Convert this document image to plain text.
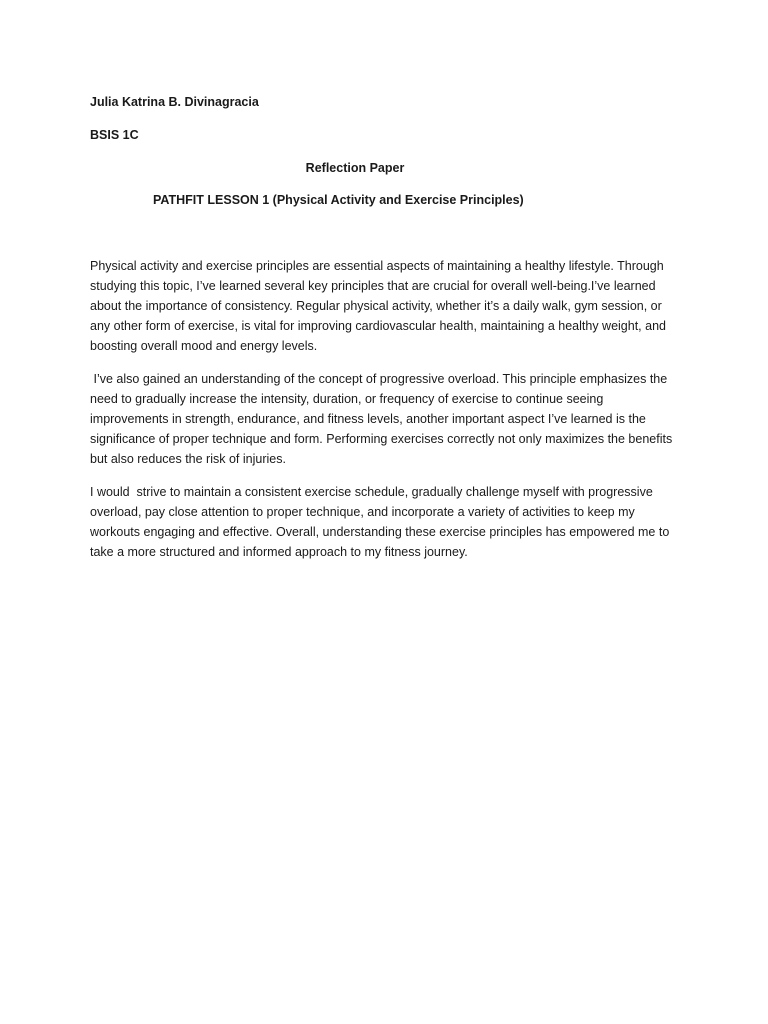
Julia Katrina B. Divinagracia
BSIS 1C
Reflection Paper
PATHFIT LESSON 1 (Physical Activity and Exercise Principles)

Physical activity and exercise principles are essential aspects of maintaining a healthy lifestyle. Through studying this topic, I’ve learned several key principles that are crucial for overall well-being.I’ve learned about the importance of consistency. Regular physical activity, whether it’s a daily walk, gym session, or any other form of exercise, is vital for improving cardiovascular health, maintaining a healthy weight, and boosting overall mood and energy levels.

I’ve also gained an understanding of the concept of progressive overload. This principle emphasizes the need to gradually increase the intensity, duration, or frequency of exercise to continue seeing improvements in strength, endurance, and fitness levels, another important aspect I’ve learned is the significance of proper technique and form. Performing exercises correctly not only maximizes the benefits but also reduces the risk of injuries.

I would  strive to maintain a consistent exercise schedule, gradually challenge myself with progressive overload, pay close attention to proper technique, and incorporate a variety of activities to keep my workouts engaging and effective. Overall, understanding these exercise principles has empowered me to take a more structured and informed approach to my fitness journey.
